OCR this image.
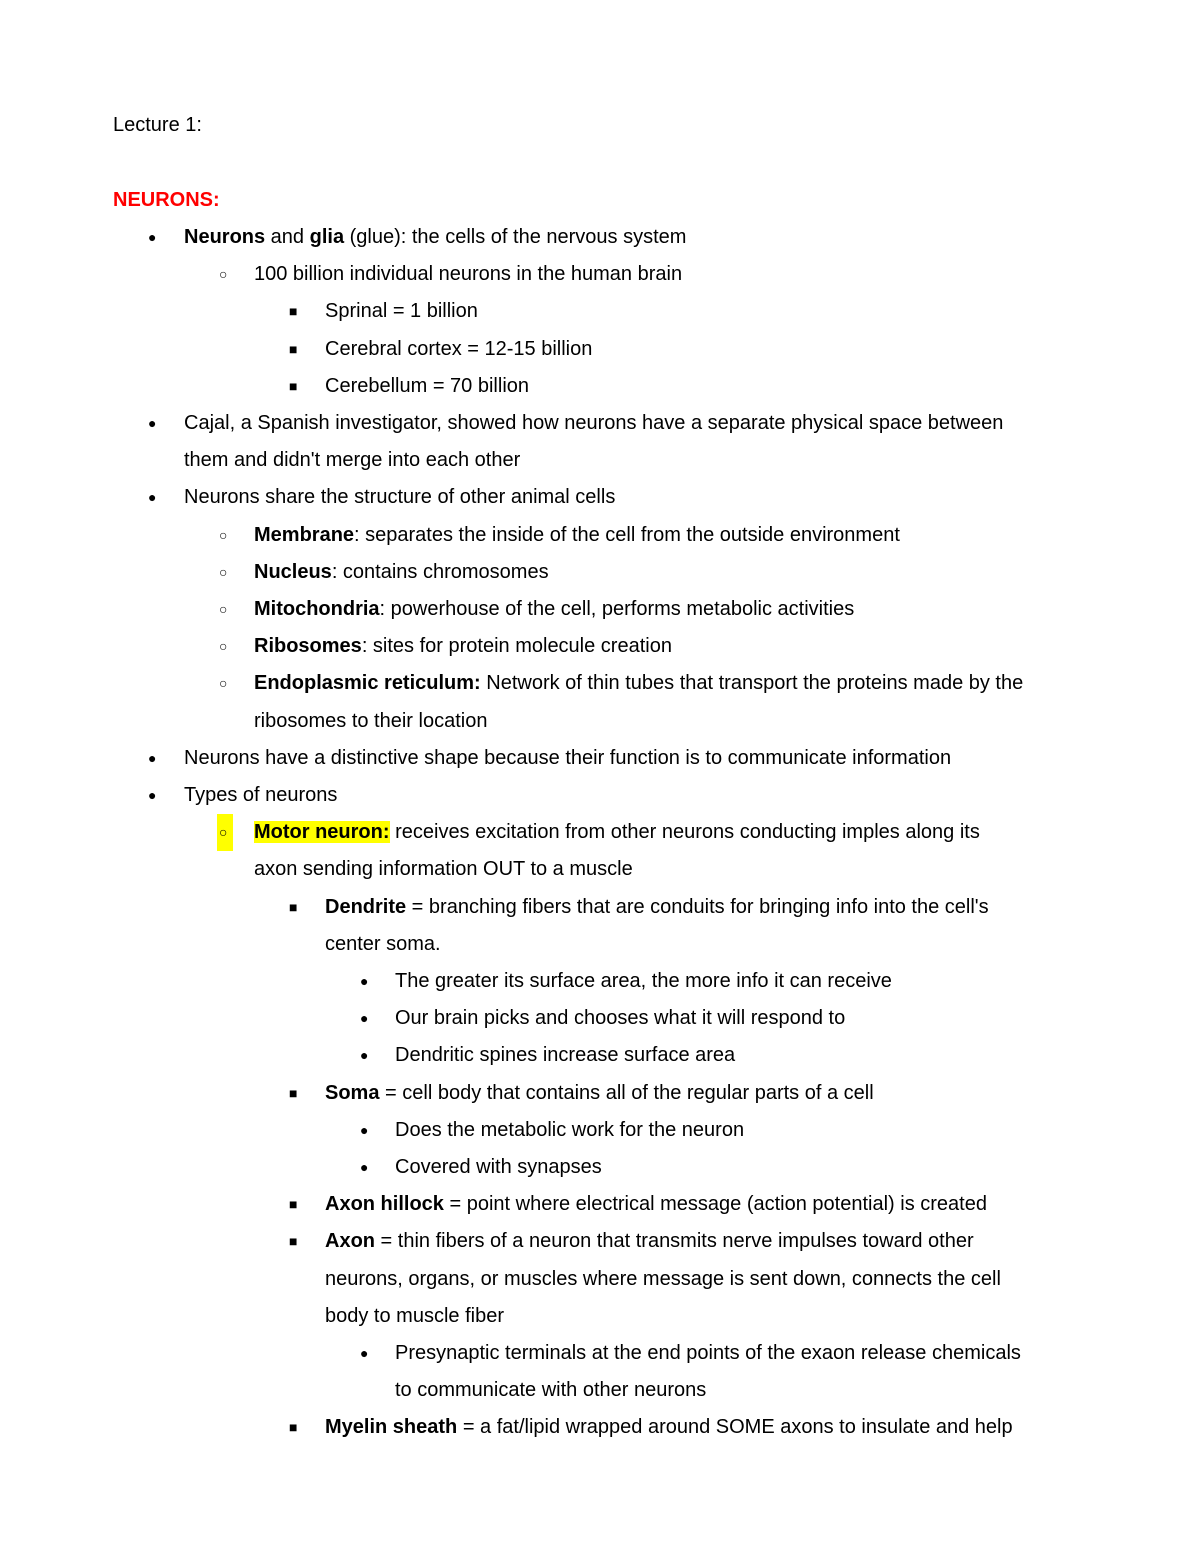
Lecture 1:
NEURONS:
● Neurons and glia (glue): the cells of the nervous system
○ 100 billion individual neurons in the human brain
■ Sprinal = 1 billion
■ Cerebral cortex = 12-15 billion
■ Cerebellum = 70 billion
● Cajal, a Spanish investigator, showed how neurons have a separate physical space between
them and didn't merge into each other
● Neurons share the structure of other animal cells
○ Membrane: separates the inside of the cell from the outside environment
○ Nucleus: contains chromosomes
○ Mitochondria: powerhouse of the cell, performs metabolic activities
○ Ribosomes: sites for protein molecule creation
○ Endoplasmic reticulum: Network of thin tubes that transport the proteins made by the
ribosomes to their location
● Neurons have a distinctive shape because their function is to communicate information
● Types of neurons
○	Motor neuron: receives excitation from other neurons conducting imples along its
axon sending information OUT to a muscle
■ Dendrite = branching fibers that are conduits for bringing info into the cell's
center soma.
● The greater its surface area, the more info it can receive
● Our brain picks and chooses what it will respond to
● Dendritic spines increase surface area
■ Soma = cell body that contains all of the regular parts of a cell
● Does the metabolic work for the neuron
● Covered with synapses
■ Axon hillock = point where electrical message (action potential) is created
■ Axon = thin fibers of a neuron that transmits nerve impulses toward other
neurons, organs, or muscles where message is sent down, connects the cell
body to muscle fiber
● Presynaptic terminals at the end points of the exaon release chemicals
to communicate with other neurons
■ Myelin sheath = a fat/lipid wrapped around SOME axons to insulate and help
